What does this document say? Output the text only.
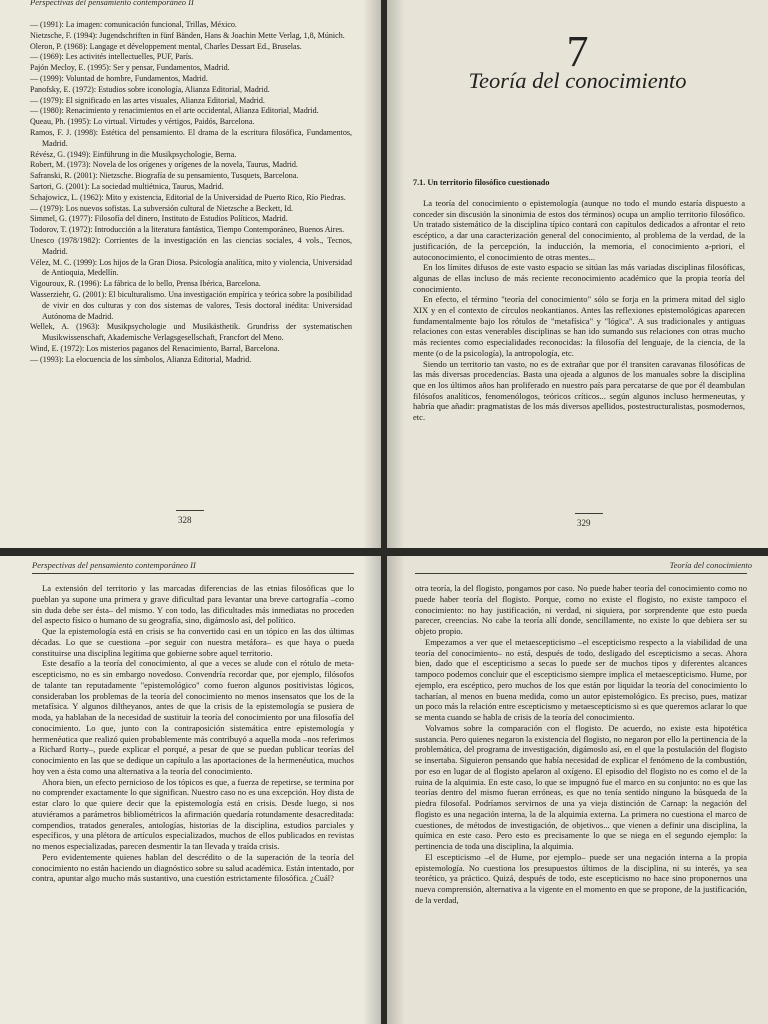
Perspectivas del pensamiento contemporáneo II
— (1991): La imagen: comunicación funcional, Trillas, México.
Nietzsche, F. (1994): Jugendschriften in fünf Bänden, Hans & Joachin Mette Verlag, 1,8, Múnich.
Oleron, P. (1968): Langage et développement mental, Charles Dessart Ed., Bruselas.
— (1969): Les activités intellectuelles, PUF, París.
Pajón Mecloy, E. (1995): Ser y pensar, Fundamentos, Madrid.
— (1999): Voluntad de hombre, Fundamentos, Madrid.
Panofsky, E. (1972): Estudios sobre iconología, Alianza Editorial, Madrid.
— (1979): El significado en las artes visuales, Alianza Editorial, Madrid.
— (1980): Renacimiento y renacimientos en el arte occidental, Alianza Editorial, Madrid.
Queau, Ph. (1995): Lo virtual. Virtudes y vértigos, Paidós, Barcelona.
Ramos, F. J. (1998): Estética del pensamiento. El drama de la escritura filosófica, Fundamentos, Madrid.
Révész, G. (1949): Einführung in die Musikpsychologie, Berna.
Robert, M. (1973): Novela de los orígenes y orígenes de la novela, Taurus, Madrid.
Safranski, R. (2001): Nietzsche. Biografía de su pensamiento, Tusquets, Barcelona.
Sartori, G. (2001): La sociedad multiétnica, Taurus, Madrid.
Schajowicz, L. (1962): Mito y existencia, Editorial de la Universidad de Puerto Rico, Río Piedras.
— (1979): Los nuevos sofistas. La subversión cultural de Nietzsche a Beckett, Id.
Simmel, G. (1977): Filosofía del dinero, Instituto de Estudios Políticos, Madrid.
Todorov, T. (1972): Introducción a la literatura fantástica, Tiempo Contemporáneo, Buenos Aires.
Unesco (1978/1982): Corrientes de la investigación en las ciencias sociales, 4 vols., Tecnos, Madrid.
Vélez, M. C. (1999): Los hijos de la Gran Diosa. Psicología analítica, mito y violencia, Universidad de Antioquia, Medellín.
Vigouroux, R. (1996): La fábrica de lo bello, Prensa Ibérica, Barcelona.
Wasserziehr, G. (2001): El biculturalismo. Una investigación empírica y teórica sobre la posibilidad de vivir en dos culturas y con dos sistemas de valores, Tesis doctoral inédita: Universidad Autónoma de Madrid.
Wellek, A. (1963): Musikpsychologie und Musikästhetik. Grundriss der systematischen Musikwissenschaft, Akademische Verlagsgesellschaft, Francfort del Meno.
Wind, E. (1972): Los misterios paganos del Renacimiento, Barral, Barcelona.
— (1993): La elocuencia de los símbolos, Alianza Editorial, Madrid.
328
7
Teoría del conocimiento
7.1. Un territorio filosófico cuestionado

La teoría del conocimiento o epistemología (aunque no todo el mundo estaría dispuesto a conceder sin discusión la sinonimia de estos dos términos) ocupa un amplio territorio filosófico. Un tratado sistemático de la disciplina típico contará con capítulos dedicados a afrontar el reto escéptico, a dar una caracterización general del conocimiento, al problema de la verdad, de la justificación, de la percepción, la inducción, la memoria, el conocimiento a-priori, el autoconocimiento, el conocimiento de otras mentes...

En los límites difusos de este vasto espacio se sitúan las más variadas disciplinas filosóficas, algunas de ellas incluso de más reciente reconocimiento académico que la propia teoría del conocimiento.

En efecto, el término "teoría del conocimiento" sólo se forja en la primera mitad del siglo XIX y en el contexto de círculos neokantianos. Antes las reflexiones epistemológicas aparecen fundamentalmente bajo los rótulos de "metafísica" y "lógica". A sus tradicionales y antiguas relaciones con estas venerables disciplinas se han ido sumando sus relaciones con otras mucho más recientes como especialidades reconocidas: la filosofía del lenguaje, de la ciencia, de la mente (o de la psicología), la antropología, etc.

Siendo un territorio tan vasto, no es de extrañar que por él transiten caravanas filosóficas de las más diversas procedencias. Basta una ojeada a algunos de los manuales sobre la disciplina que en los últimos años han proliferado en nuestro país para percatarse de que por él deambulan filósofos analíticos, fenomenólogos, teóricos críticos... según algunos incluso hermeneutas, y habría que añadir: pragmatistas de los más diversos apellidos, postestructuralistas, posmodernos, etc.

329
Perspectivas del pensamiento contemporáneo II

La extensión del territorio y las marcadas diferencias de las etnias filosóficas que lo pueblan ya supone una primera y grave dificultad para levantar una breve cartografía –como sin duda debe ser ésta– del mismo. Y con todo, las dificultades más inmediatas no proceden del aspecto físico o humano de su geografía, sino, digámoslo así, del político.

Que la epistemología está en crisis se ha convertido casi en un tópico en las dos últimas décadas. Lo que se cuestiona –por seguir con nuestra metáfora– es que haya o pueda constituirse una disciplina legítima que gobierne sobre aquel territorio.

Este desafío a la teoría del conocimiento, al que a veces se alude con el rótulo de meta-escepticismo, no es sin embargo novedoso. Convendría recordar que, por ejemplo, filósofos de talante tan reputadamente "epistemológico" como fueron algunos positivistas lógicos, consideraban los problemas de la teoría del conocimiento no menos insensatos que los de la metafísica. Y algunos diltheyanos, antes de que la crisis de la epistemología se pusiera de moda, ya hablaban de la necesidad de sustituir la teoría del conocimiento por una filosofía del conocimiento. Lo que, junto con la contraposición sistemática entre epistemología y hermenéutica que realizó quien probablemente más contribuyó a aquella moda –nos referimos a Richard Rorty–, puede explicar el porqué, a pesar de que se puedan publicar teorías del conocimiento en las que se dedique un capítulo a las aportaciones de la hermenéutica, muchos hoy ven a ésta como una alternativa a la teoría del conocimiento.

Ahora bien, un efecto pernicioso de los tópicos es que, a fuerza de repetirse, se termina por no comprender exactamente lo que significan. Nuestro caso no es una excepción. Hoy dista de estar claro lo que quiere decir que la epistemología está en crisis. Desde luego, si nos atuviéramos a parámetros bibliométricos la afirmación quedaría rotundamente desacreditada: compendios, tratados generales, antologías, historias de la disciplina, estudios parciales y específicos, y una plétora de artículos especializados, muchos de ellos publicados en revistas no menos especializadas, parecen desmentir la tan llevada y traída crisis.

Pero evidentemente quienes hablan del descrédito o de la superación de la teoría del conocimiento no están haciendo un diagnóstico sobre su salud académica. Están intentado, por contra, apuntar algo mucho más sustantivo, una cuestión estrictamente filosófica. ¿Cuál?

Teoría del conocimiento

otra teoría, la del flogisto, pongamos por caso. No puede haber teoría del conocimiento como no puede haber teoría del flogisto. Porque, como no existe el flogisto, no existe tampoco el conocimiento: no hay justificación, ni verdad, ni siquiera, por sorprendente que esto pueda parecer, creencias. No cabe la teoría allí donde, sencillamente, no existe lo que debiera ser su objeto propio.

Empezamos a ver que el metaescepticismo –el escepticismo respecto a la viabilidad de una teoría del conocimiento– no está, después de todo, desligado del escepticismo a secas. Ahora bien, dado que el escepticismo a secas lo puede ser de muchos tipos y diferentes alcances tampoco podemos concluir que el escepticismo siempre implica el metaescepticismo. Hume, por ejemplo, era escéptico, pero muchos de los que están por liquidar la teoría del conocimiento lo tacharían, al menos en buena medida, como un autor epistemológico. Es preciso, pues, matizar un poco más la relación entre escepticismo y metaescepticismo si es que queremos aclarar lo que se menta cuando se habla de crisis de la teoría del conocimiento.

Volvamos sobre la comparación con el flogisto. De acuerdo, no existe esta hipotética sustancia. Pero quienes negaron la existencia del flogisto, no negaron por ello la pertinencia de la problemática, del programa de investigación, digámoslo así, en el que la postulación del flogisto se insertaba. Siguieron pensando que había necesidad de explicar el fenómeno de la combustión, por eso en lugar de al flogisto apelaron al oxígeno. El episodio del flogisto no es como el de la ruina de la alquimia. En este caso, lo que se impugnó fue el marco en su conjunto: no es que las teorías dentro del mismo fueran erróneas, es que no tenía sentido ninguno la búsqueda de la piedra filosofal. Podríamos servirnos de una ya vieja distinción de Carnap: la negación del flogisto es una negación interna, la de la alquimia externa. La primera no cuestiona el marco de cuestiones, de métodos de investigación, de objetivos... que vienen a definir una disciplina, la química en este caso. Pero esto es precisamente lo que se niega en el segundo ejemplo: la pertinencia de toda una disciplina, la alquimia.

El escepticismo –el de Hume, por ejemplo– puede ser una negación interna a la propia epistemología. No cuestiona los presupuestos últimos de la disciplina, ni su interés, ya sea teorético, ya práctico. Quizá, después de todo, este escepticismo no hace sino proponernos una nueva comprensión, alternativa a la vigente en el momento en que se propone, de la justificación, de la verdad,
